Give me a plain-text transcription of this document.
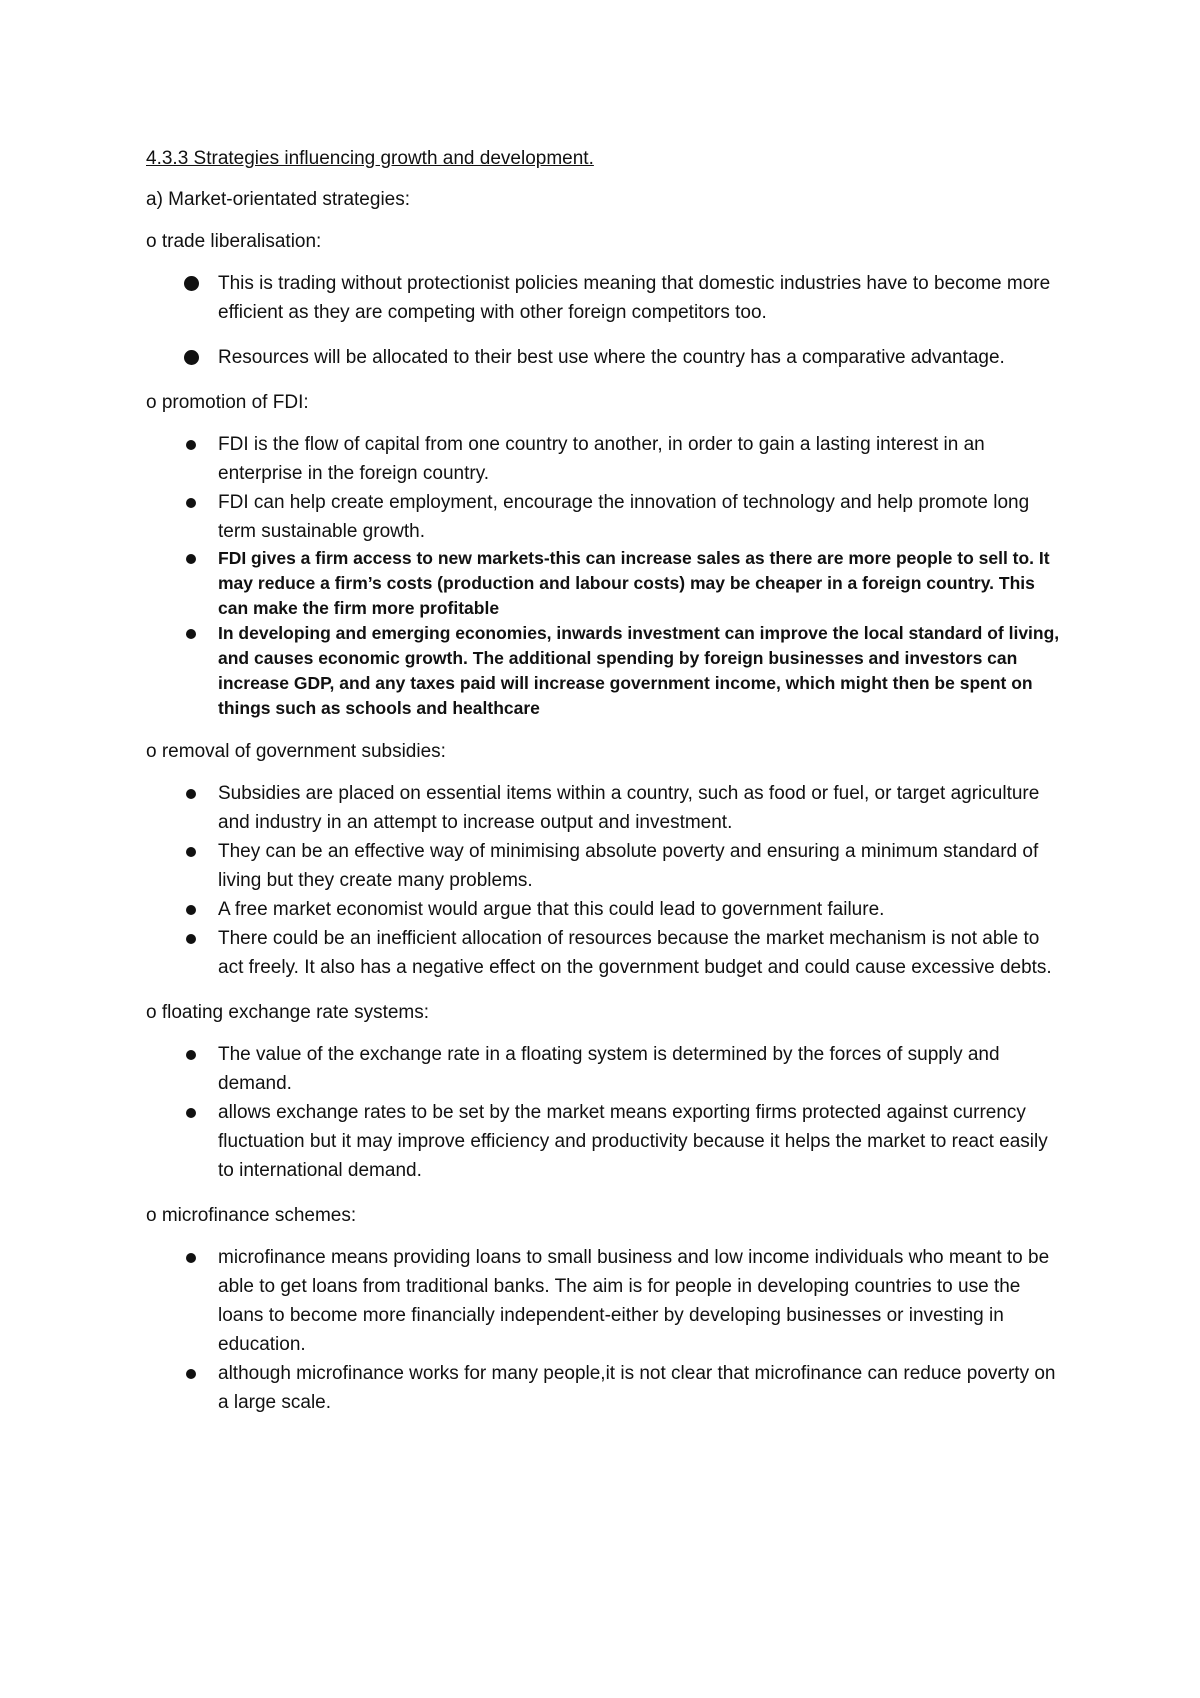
4.3.3 Strategies influencing growth and development.
a) Market-orientated strategies:
o trade liberalisation:
This is trading without protectionist policies meaning that domestic industries have to become more efficient as they are competing with other foreign competitors too.
Resources will be allocated to their best use where the country has a comparative advantage.
o promotion of FDI:
FDI is the flow of capital from one country to another, in order to gain a lasting interest in an enterprise in the foreign country.
FDI can help create employment, encourage the innovation of technology and help promote long term sustainable growth.
FDI gives a firm access to new markets-this can increase sales as there are more people to sell to. It may reduce a firm’s costs (production and labour costs) may be cheaper in a foreign country. This can make the firm more profitable
In developing and emerging economies, inwards investment can improve the local standard of living, and causes economic growth. The additional spending by foreign businesses and investors can increase GDP, and any taxes paid will increase government income, which might then be spent on things such as schools and healthcare
o removal of government subsidies:
Subsidies are placed on essential items within a country, such as food or fuel, or target agriculture and industry in an attempt to increase output and investment.
They can be an effective way of minimising absolute poverty and ensuring a minimum standard of living but they create many problems.
A free market economist would argue that this could lead to government failure.
There could be an inefficient allocation of resources because the market mechanism is not able to act freely. It also has a negative effect on the government budget and could cause excessive debts.
o floating exchange rate systems:
The value of the exchange rate in a floating system is determined by the forces of supply and demand.
allows exchange rates to be set by the market means exporting firms protected against currency fluctuation but it may improve efficiency and productivity because it helps the market to react easily to international demand.
o microfinance schemes:
microfinance means providing loans to small business and low income individuals who meant to be able to get loans from traditional banks. The aim is for people in developing countries to use the loans to become more financially independent-either by developing businesses or investing in education.
although microfinance works for many people,it is not clear that microfinance can reduce poverty on a large scale.
